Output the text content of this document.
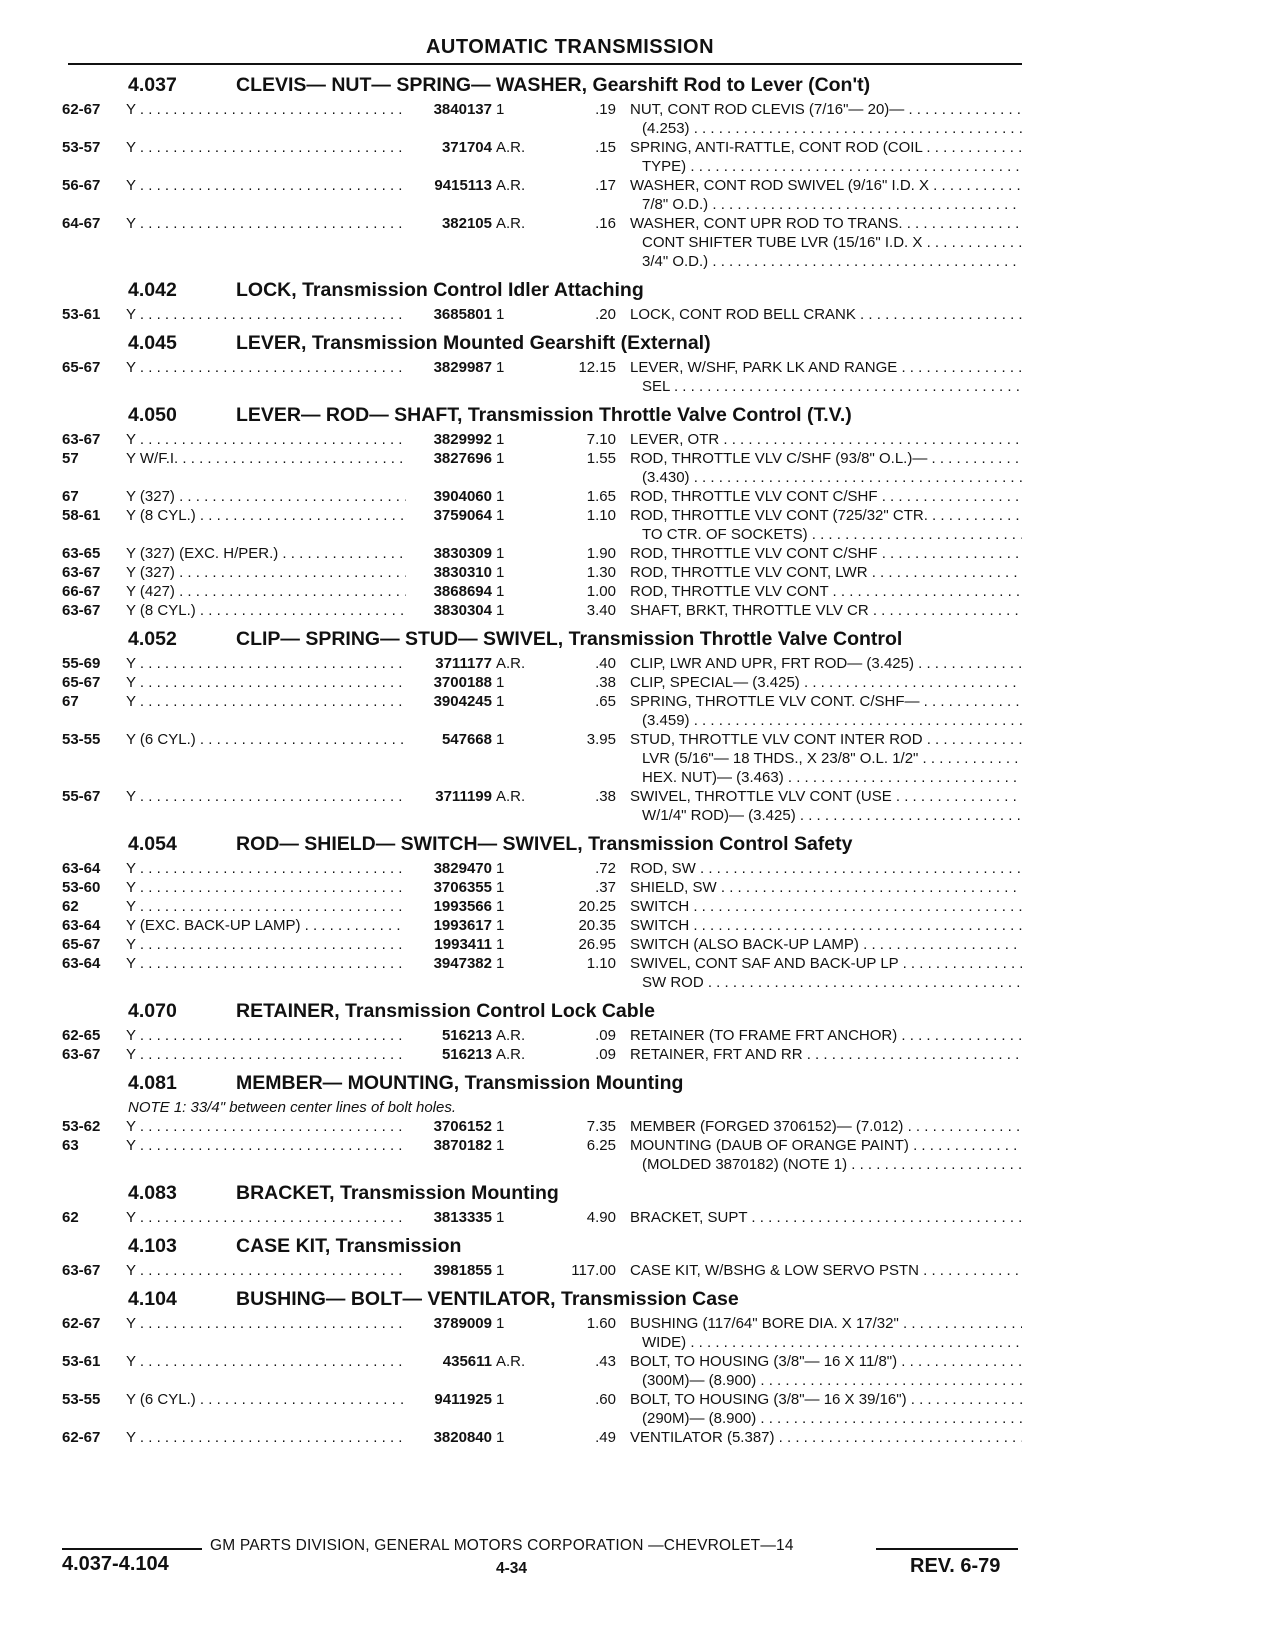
AUTOMATIC TRANSMISSION
4.037	CLEVIS— NUT— SPRING— WASHER, Gearshift Rod to Lever (Con't)
62-67	Y . . .	3840137 1	.19 NUT, CONT ROD CLEVIS (7/16"— 20)— . . .
(4.253) . . .
53-57	Y . . .	371704 A.R.	.15 SPRING, ANTI-RATTLE, CONT ROD (COIL . . .
TYPE) . . .
56-67	Y . . .	9415113 A.R.	.17 WASHER, CONT ROD SWIVEL (9/16" I.D. X . . .
7/8" O.D.) . . .
64-67	Y . . .	382105 A.R.	.16 WASHER, CONT UPR ROD TO TRANS. . . .
CONT SHIFTER TUBE LVR (15/16" I.D. X . . .
3/4" O.D.) . . .
4.042	LOCK, Transmission Control Idler Attaching
53-61	Y . . .	3685801 1	.20 LOCK, CONT ROD BELL CRANK . . .
4.045	LEVER, Transmission Mounted Gearshift (External)
65-67	Y . . .	3829987 1	12.15 LEVER, W/SHF, PARK LK AND RANGE . . .
SEL . . .
4.050	LEVER— ROD— SHAFT, Transmission Throttle Valve Control (T.V.)
63-67	Y . . .	3829992 1	7.10 LEVER, OTR . . .
57	Y W/F.I. . . .	3827696 1	1.55 ROD, THROTTLE VLV C/SHF (93/8" O.L.)— . . .
(3.430) . . .
67	Y (327) . . .	3904060 1	1.65 ROD, THROTTLE VLV CONT C/SHF . . .
58-61	Y (8 CYL.) . . .	3759064 1	1.10 ROD, THROTTLE VLV CONT (725/32" CTR. . . .
TO CTR. OF SOCKETS) . . .
63-65	Y (327) (EXC. H/PER.) . . .	3830309 1	1.90 ROD, THROTTLE VLV CONT C/SHF . . .
63-67	Y (327) . . .	3830310 1	1.30 ROD, THROTTLE VLV CONT, LWR . . .
66-67	Y (427) . . .	3868694 1	1.00 ROD, THROTTLE VLV CONT . . .
63-67	Y (8 CYL.) . . .	3830304 1	3.40 SHAFT, BRKT, THROTTLE VLV CR . . .
4.052	CLIP— SPRING— STUD— SWIVEL, Transmission Throttle Valve Control
55-69	Y . . .	3711177 A.R.	.40 CLIP, LWR AND UPR, FRT ROD— (3.425) . . .
65-67	Y . . .	3700188 1	.38 CLIP, SPECIAL— (3.425) . . .
67	Y . . .	3904245 1	.65 SPRING, THROTTLE VLV CONT. C/SHF— . . .
(3.459) . . .
53-55	Y (6 CYL.) . . .	547668 1	3.95 STUD, THROTTLE VLV CONT INTER ROD . . .
LVR (5/16"— 18 THDS., X 23/8" O.L. 1/2" . . .
HEX. NUT)— (3.463) . . .
55-67	Y . . .	3711199 A.R.	.38 SWIVEL, THROTTLE VLV CONT (USE . . .
W/1/4" ROD)— (3.425) . . .
4.054	ROD— SHIELD— SWITCH— SWIVEL, Transmission Control Safety
63-64	Y . . .	3829470 1	.72 ROD, SW . . .
53-60	Y . . .	3706355 1	.37 SHIELD, SW . . .
62	Y . . .	1993566 1	20.25 SWITCH . . .
63-64	Y (EXC. BACK-UP LAMP) . . .	1993617 1	20.35 SWITCH . . .
65-67	Y . . .	1993411 1	26.95 SWITCH (ALSO BACK-UP LAMP) . . .
63-64	Y . . .	3947382 1	1.10 SWIVEL, CONT SAF AND BACK-UP LP . . .
SW ROD . . .
4.070	RETAINER, Transmission Control Lock Cable
62-65	Y . . .	516213 A.R.	.09 RETAINER (TO FRAME FRT ANCHOR) . . .
63-67	Y . . .	516213 A.R.	.09 RETAINER, FRT AND RR . . .
4.081	MEMBER— MOUNTING, Transmission Mounting
NOTE 1: 33/4" between center lines of bolt holes.
53-62	Y . . .	3706152 1	7.35 MEMBER (FORGED 3706152)— (7.012) . . .
63	Y . . .	3870182 1	6.25 MOUNTING (DAUB OF ORANGE PAINT) . . .
(MOLDED 3870182) (NOTE 1) . . .
4.083	BRACKET, Transmission Mounting
62	Y . . .	3813335 1	4.90 BRACKET, SUPT . . .
4.103	CASE KIT, Transmission
63-67	Y . . .	3981855 1	117.00 CASE KIT, W/BSHG & LOW SERVO PSTN . . .
4.104	BUSHING— BOLT— VENTILATOR, Transmission Case
62-67	Y . . .	3789009 1	1.60 BUSHING (117/64" BORE DIA. X 17/32" . . .
WIDE) . . .
53-61	Y . . .	435611 A.R.	.43 BOLT, TO HOUSING (3/8"— 16 X 11/8") . . .
(300M)— (8.900) . . .
53-55	Y (6 CYL.) . . .	9411925 1	.60 BOLT, TO HOUSING (3/8"— 16 X 39/16") . . .
(290M)— (8.900) . . .
62-67	Y . . .	3820840 1	.49 VENTILATOR (5.387) . . .
GM PARTS DIVISION, GENERAL MOTORS CORPORATION —CHEVROLET—14
4.037-4.104	4-34	REV. 6-79
